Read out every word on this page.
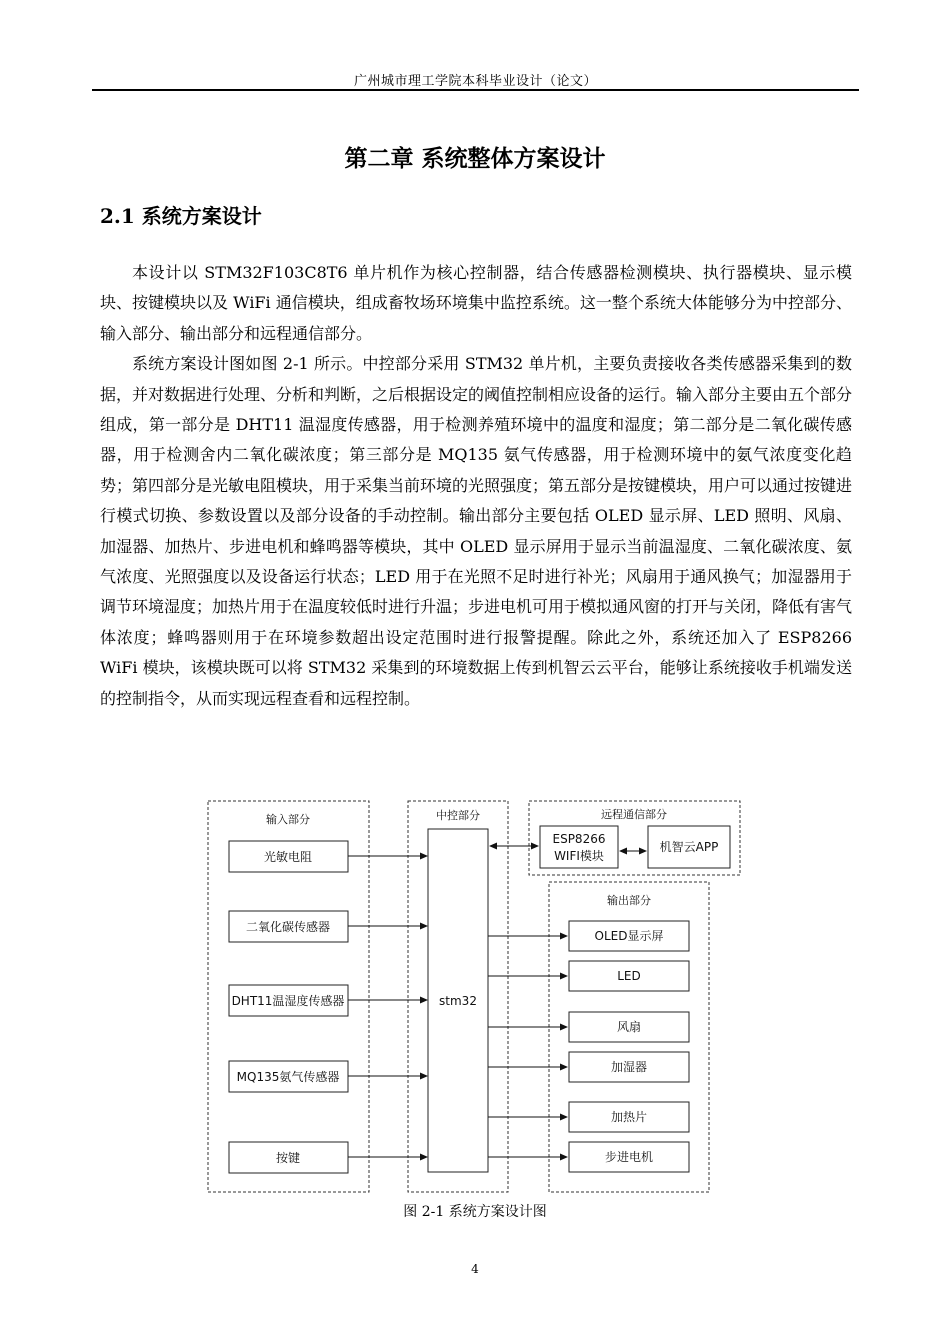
广州城市理工学院本科毕业设计（论文）
第二章 系统整体方案设计
2.1 系统方案设计

本设计以 STM32F103C8T6 单片机作为核心控制器，结合传感器检测模块、执行器模块、显示模块、按键模块以及 WiFi 通信模块，组成畜牧场环境集中监控系统。这一整个系统大体能够分为中控部分、输入部分、输出部分和远程通信部分。

系统方案设计图如图 2-1 所示。中控部分采用 STM32 单片机，主要负责接收各类传感器采集到的数据，并对数据进行处理、分析和判断，之后根据设定的阈值控制相应设备的运行。输入部分主要由五个部分组成，第一部分是 DHT11 温湿度传感器，用于检测养殖环境中的温度和湿度；第二部分是二氧化碳传感器，用于检测舍内二氧化碳浓度；第三部分是 MQ135 氨气传感器，用于检测环境中的氨气浓度变化趋势；第四部分是光敏电阻模块，用于采集当前环境的光照强度；第五部分是按键模块，用户可以通过按键进行模式切换、参数设置以及部分设备的手动控制。输出部分主要包括 OLED 显示屏、LED 照明、风扇、加湿器、加热片、步进电机和蜂鸣器等模块，其中 OLED 显示屏用于显示当前温湿度、二氧化碳浓度、氨气浓度、光照强度以及设备运行状态；LED 用于在光照不足时进行补光；风扇用于通风换气；加湿器用于调节环境湿度；加热片用于在温度较低时进行升温；步进电机可用于模拟通风窗的打开与关闭，降低有害气体浓度；蜂鸣器则用于在环境参数超出设定范围时进行报警提醒。除此之外，系统还加入了 ESP8266 WiFi 模块，该模块既可以将 STM32 采集到的环境数据上传到机智云云平台，能够让系统接收手机端发送的控制指令，从而实现远程查看和远程控制。

输入部分
光敏电阻
二氧化碳传感器
DHT11温湿度传感器
MQ135氨气传感器
按键
中控部分
stm32
远程通信部分
ESP8266
WIFI模块
机智云APP
输出部分
OLED显示屏
LED
风扇
加湿器
加热片
步进电机
图 2-1 系统方案设计图
4
